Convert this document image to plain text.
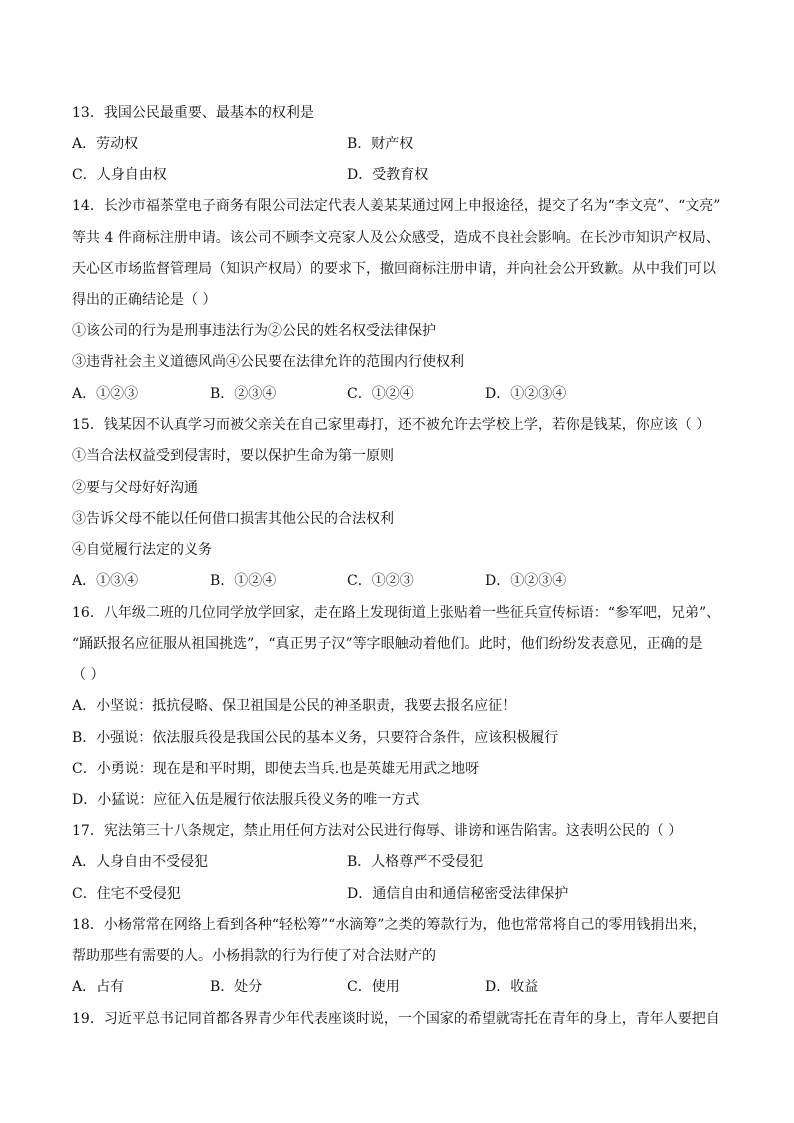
13．我国公民最重要、最基本的权利是
A．劳动权	B．财产权
C．人身自由权	D．受教育权
14．长沙市福茶堂电子商务有限公司法定代表人姜某某通过网上申报途径，提交了名为“李文亮”、“文亮”
等共 4 件商标注册申请。该公司不顾李文亮家人及公众感受，造成不良社会影响。在长沙市知识产权局、
天心区市场监督管理局（知识产权局）的要求下，撤回商标注册申请，并向社会公开致歉。从中我们可以
得出的正确结论是（ ）
①该公司的行为是刑事违法行为②公民的姓名权受法律保护
③违背社会主义道德风尚④公民要在法律允许的范围内行使权利
A．①②③	B．②③④	C．①②④	D．①②③④
15．钱某因不认真学习而被父亲关在自己家里毒打，还不被允许去学校上学，若你是钱某，你应该（ ）
①当合法权益受到侵害时，要以保护生命为第一原则
②要与父母好好沟通
③告诉父母不能以任何借口损害其他公民的合法权利
④自觉履行法定的义务
A．①③④	B．①②④	C．①②③	D．①②③④
16．八年级二班的几位同学放学回家，走在路上发现街道上张贴着一些征兵宣传标语：“参军吧，兄弟”、
“踊跃报名应征服从祖国挑选”，“真正男子汉”等字眼触动着他们。此时，他们纷纷发表意见，正确的是
（ ）
A．小坚说：抵抗侵略、保卫祖国是公民的神圣职责，我要去报名应征！
B．小强说：依法服兵役是我国公民的基本义务，只要符合条件，应该积极履行
C．小勇说：现在是和平时期，即使去当兵.也是英雄无用武之地呀
D．小猛说：应征入伍是履行依法服兵役义务的唯一方式
17．宪法第三十八条规定，禁止用任何方法对公民进行侮辱、诽谤和诬告陷害。这表明公民的（ ）
A．人身自由不受侵犯	B．人格尊严不受侵犯
C．住宅不受侵犯	D．通信自由和通信秘密受法律保护
18．小杨常常在网络上看到各种“轻松筹”“水滴筹”之类的筹款行为，他也常常将自己的零用钱捐出来，
帮助那些有需要的人。小杨捐款的行为行使了对合法财产的
A．占有	B．处分	C．使用	D．收益
19．习近平总书记同首都各界青少年代表座谈时说，一个国家的希望就寄托在青年的身上，青年人要把自
